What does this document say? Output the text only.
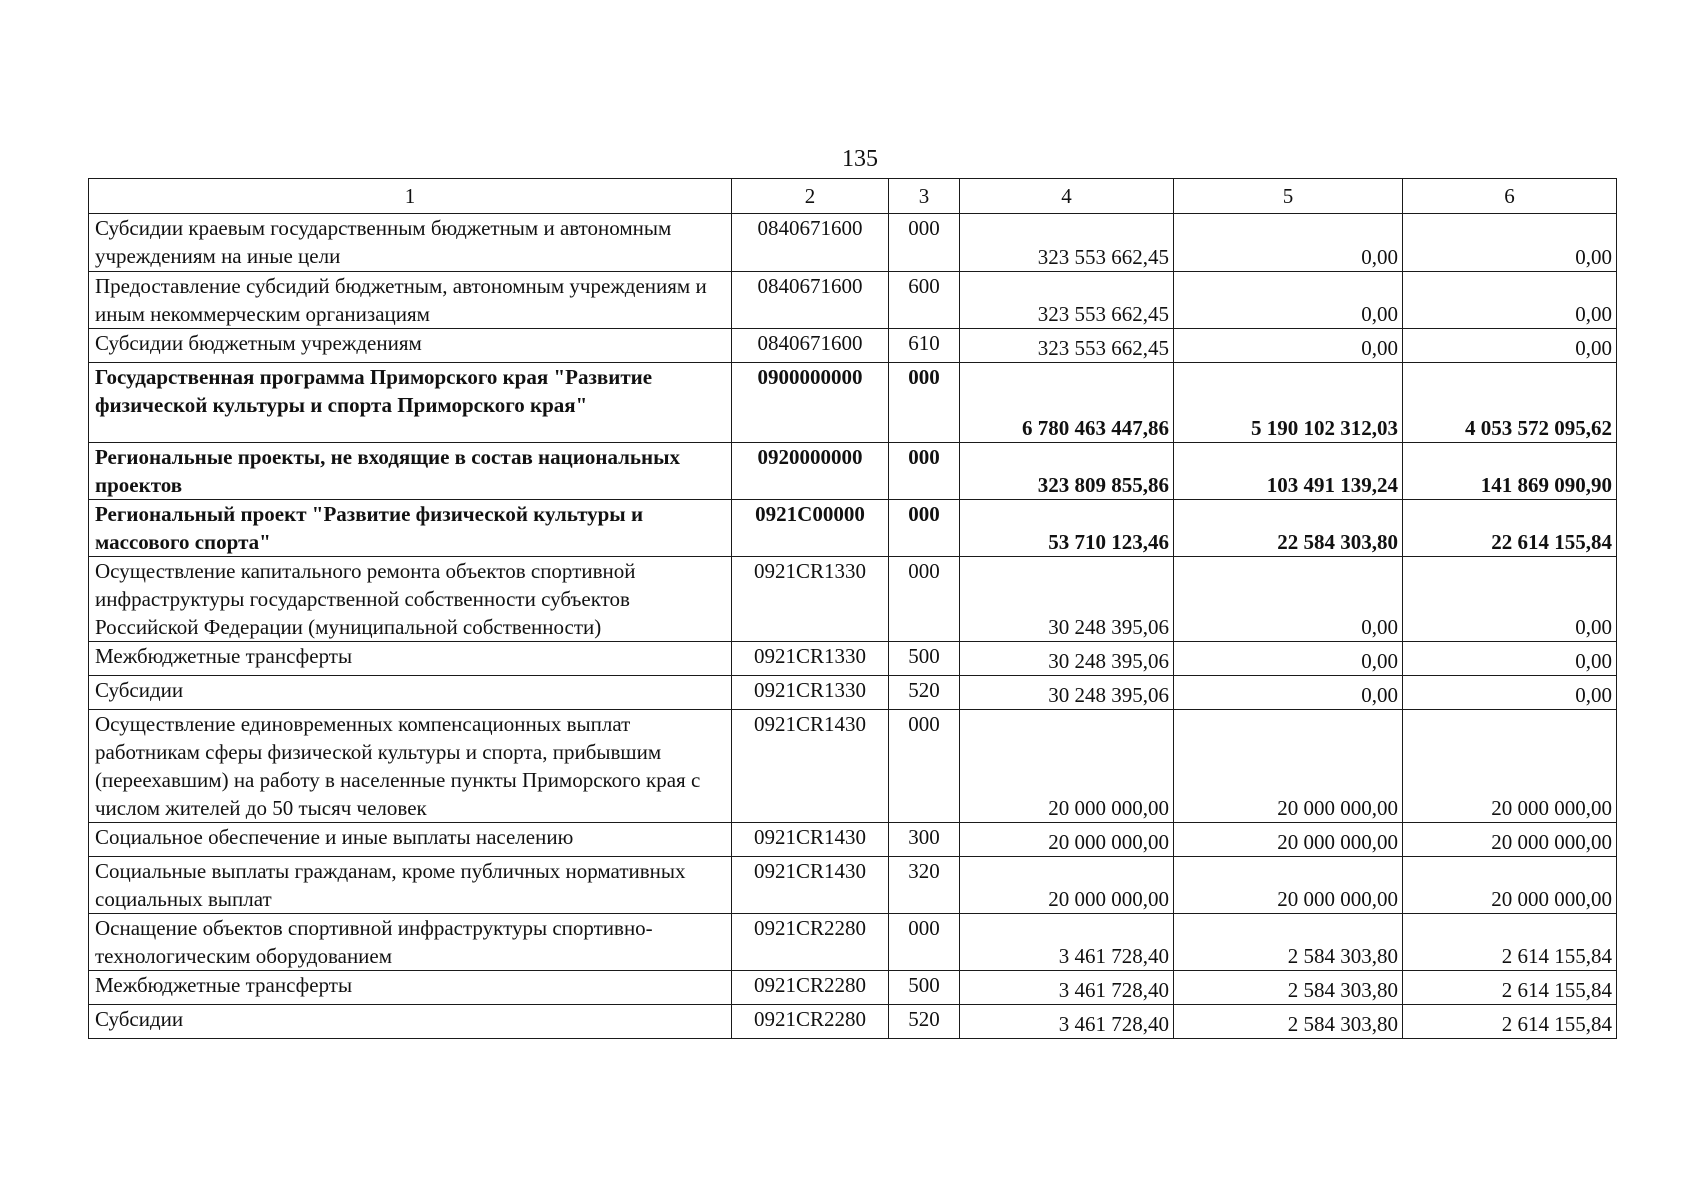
135
1	2	3	4	5	6
Субсидии краевым государственным бюджетным и автономным учреждениям на иные цели	0840671600	000	323 553 662,45	0,00	0,00
Предоставление субсидий бюджетным, автономным учреждениям и иным некоммерческим организациям	0840671600	600	323 553 662,45	0,00	0,00
Субсидии бюджетным учреждениям	0840671600	610	323 553 662,45	0,00	0,00
Государственная программа Приморского края "Развитие физической культуры и спорта Приморского края"	0900000000	000	6 780 463 447,86	5 190 102 312,03	4 053 572 095,62
Региональные проекты, не входящие в состав национальных проектов	0920000000	000	323 809 855,86	103 491 139,24	141 869 090,90
Региональный проект "Развитие физической культуры и массового спорта"	0921С00000	000	53 710 123,46	22 584 303,80	22 614 155,84
Осуществление капитального ремонта объектов спортивной инфраструктуры государственной собственности субъектов Российской Федерации (муниципальной собственности)	0921CR1330	000	30 248 395,06	0,00	0,00
Межбюджетные трансферты	0921CR1330	500	30 248 395,06	0,00	0,00
Субсидии	0921CR1330	520	30 248 395,06	0,00	0,00
Осуществление единовременных компенсационных выплат работникам сферы физической культуры и спорта, прибывшим (переехавшим) на работу в населенные пункты Приморского края с числом жителей до 50 тысяч человек	0921CR1430	000	20 000 000,00	20 000 000,00	20 000 000,00
Социальное обеспечение и иные выплаты населению	0921CR1430	300	20 000 000,00	20 000 000,00	20 000 000,00
Социальные выплаты гражданам, кроме публичных нормативных социальных выплат	0921CR1430	320	20 000 000,00	20 000 000,00	20 000 000,00
Оснащение объектов спортивной инфраструктуры спортивно-технологическим оборудованием	0921CR2280	000	3 461 728,40	2 584 303,80	2 614 155,84
Межбюджетные трансферты	0921CR2280	500	3 461 728,40	2 584 303,80	2 614 155,84
Субсидии	0921CR2280	520	3 461 728,40	2 584 303,80	2 614 155,84
